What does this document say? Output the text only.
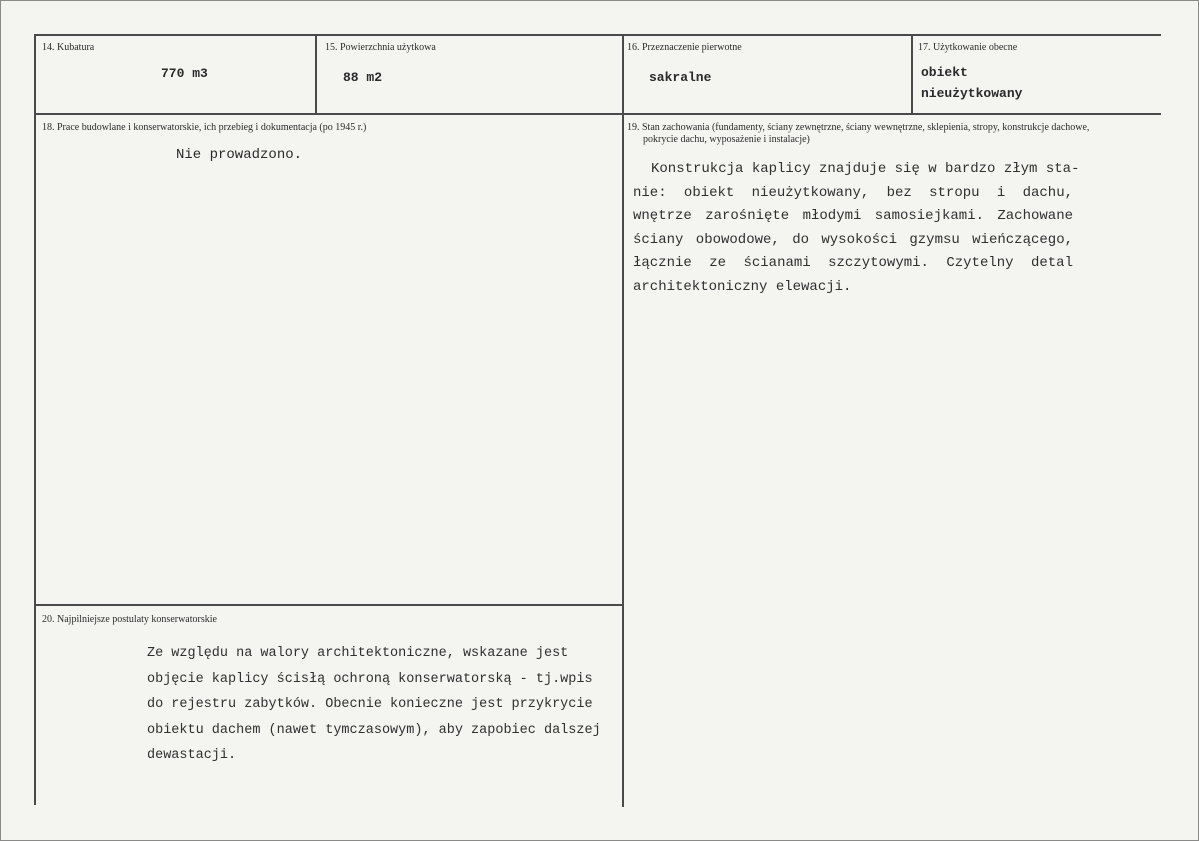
14. Kubatura
770 m3
15. Powierzchnia użytkowa
88 m2
16. Przeznaczenie pierwotne
sakralne
17. Użytkowanie obecne
obiekt
nieużytkowany
18. Prace budowlane i konserwatorskie, ich przebieg i dokumentacja (po 1945 r.)
Nie prowadzono.
19. Stan zachowania (fundamenty, ściany zewnętrzne, ściany wewnętrzne, sklepienia, stropy, konstrukcje dachowe,
pokrycie dachu, wyposażenie i instalacje)
Konstrukcja kaplicy znajduje się w bardzo złym sta-
nie: obiekt nieużytkowany, bez stropu i dachu,
wnętrze zarośnięte młodymi samosiejkami. Zachowane
ściany obowodowe, do wysokości gzymsu wieńczącego,
łącznie ze ścianami szczytowymi. Czytelny detal
architektoniczny elewacji.
20. Najpilniejsze postulaty konserwatorskie
Ze względu na walory architektoniczne, wskazane jest
objęcie kaplicy ścisłą ochroną konserwatorską - tj.wpis
do rejestru zabytków. Obecnie konieczne jest przykrycie
obiektu dachem (nawet tymczasowym), aby zapobiec dalszej
dewastacji.
